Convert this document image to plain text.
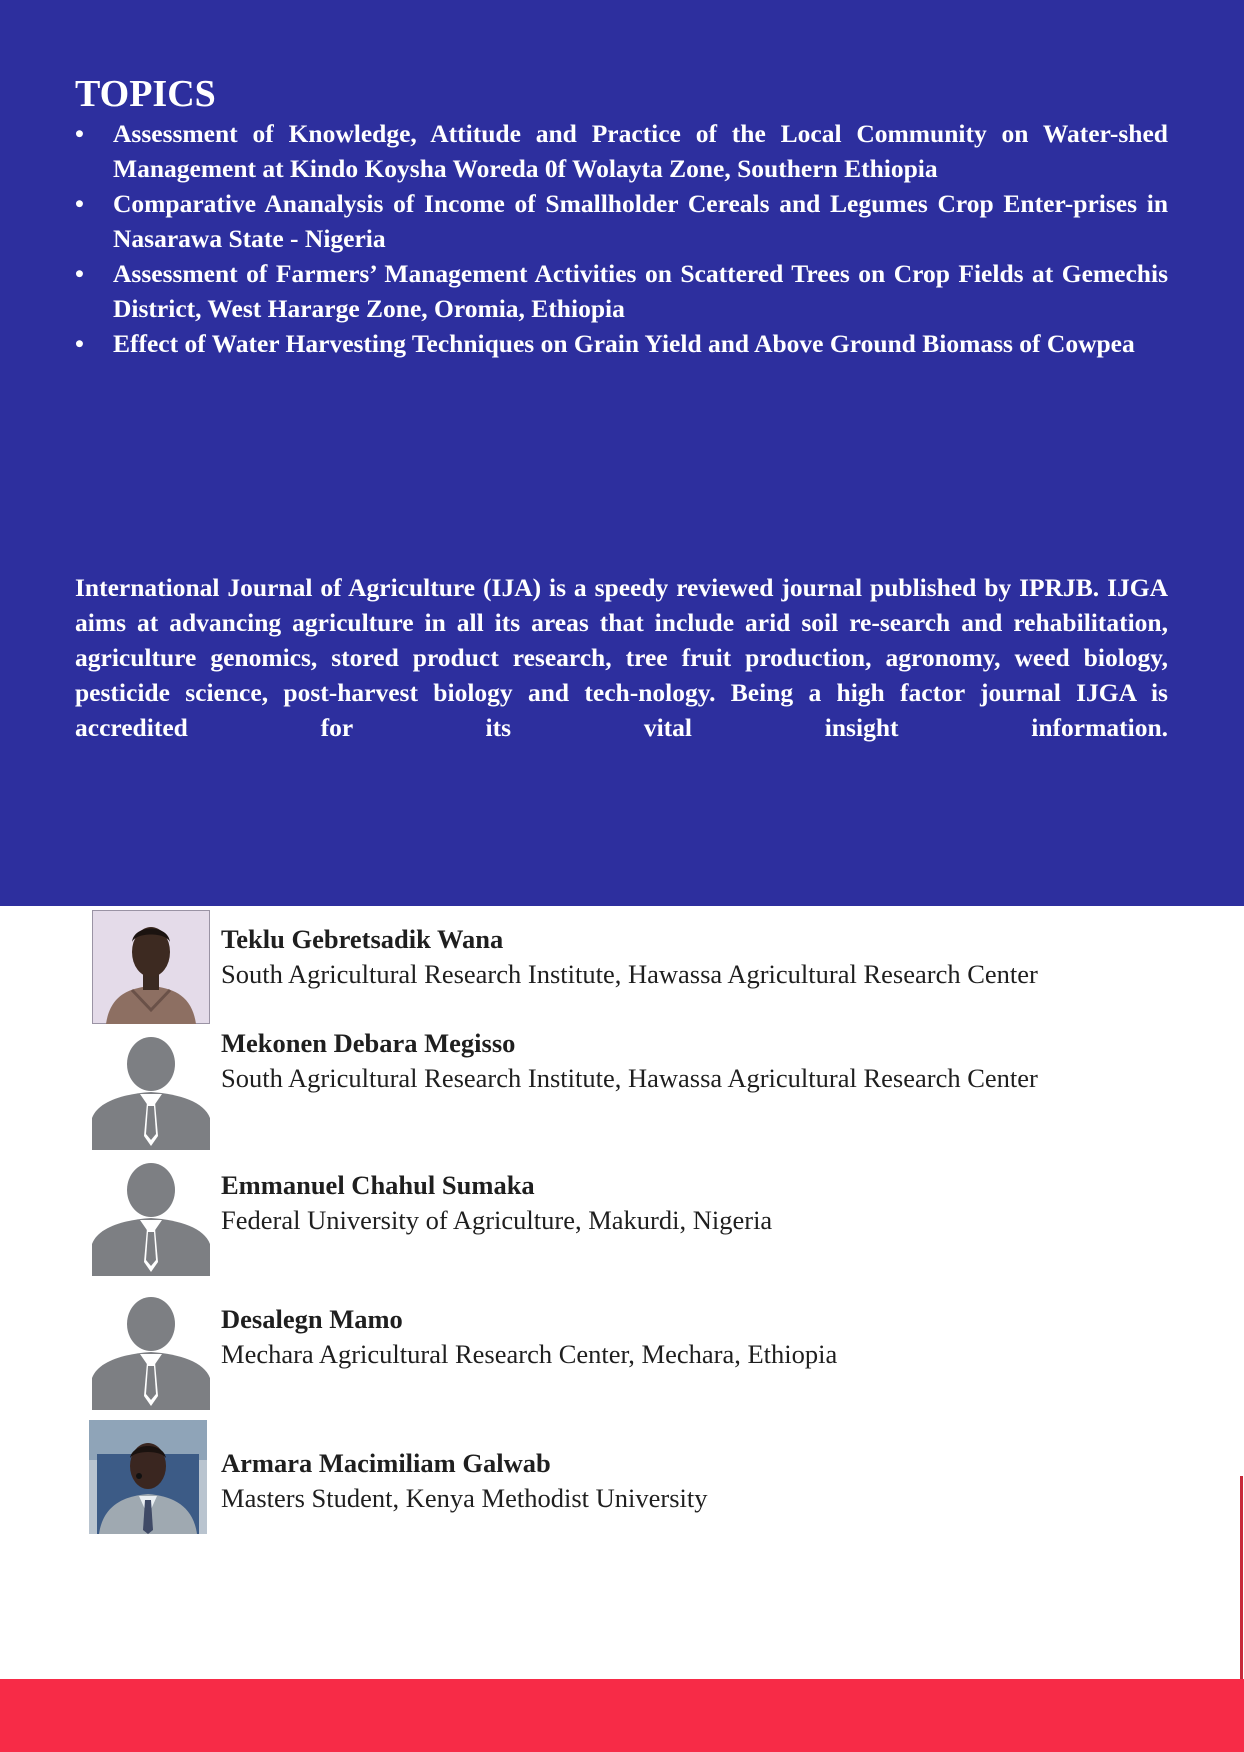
TOPICS
•	Assessment of Knowledge, Attitude and Practice of the Local Community on Water-shed Management at Kindo Koysha Woreda 0f Wolayta Zone, Southern Ethiopia
•	Comparative Ananalysis of Income of Smallholder Cereals and Legumes Crop Enter-prises in Nasarawa State - Nigeria
•	Assessment of Farmers’ Management Activities on Scattered Trees on Crop Fields at Gemechis District, West Hararge Zone, Oromia, Ethiopia
•	Effect of Water Harvesting Techniques on Grain Yield and Above Ground Biomass of Cowpea

International Journal of Agriculture (IJA) is a speedy reviewed journal published by IPRJB. IJGA aims at advancing agriculture in all its areas that include arid soil re-search and rehabilitation, agriculture genomics, stored product research, tree fruit production, agronomy, weed biology, pesticide science, post-harvest biology and tech-nology. Being a high factor journal IJGA is accredited for its vital insight information.

Teklu Gebretsadik Wana

South Agricultural Research Institute, Hawassa Agricultural Research Center

Mekonen Debara Megisso

South Agricultural Research Institute, Hawassa Agricultural Research Center

Emmanuel Chahul Sumaka

Federal University of Agriculture, Makurdi, Nigeria

Desalegn Mamo

Mechara Agricultural Research Center, Mechara, Ethiopia

Armara Macimiliam Galwab

Masters Student, Kenya Methodist University
